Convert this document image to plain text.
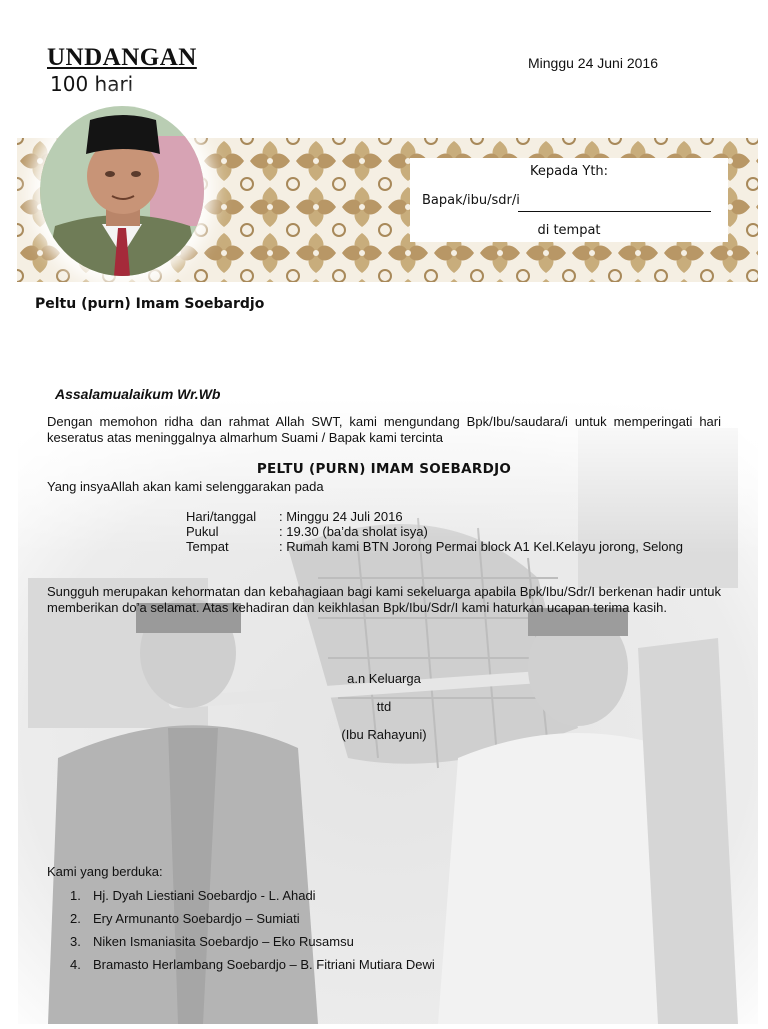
UNDANGAN
100 hari
Minggu 24 Juni 2016
Kepada Yth:
Bapak/ibu/sdr/i
di tempat
Peltu (purn) Imam Soebardjo
Assalamualaikum Wr.Wb
Dengan memohon ridha dan rahmat Allah SWT, kami mengundang Bpk/Ibu/saudara/i untuk memperingati hari keseratus atas meninggalnya almarhum Suami / Bapak kami tercinta
PELTU (PURN) IMAM SOEBARDJO
Yang insyaAllah akan kami selenggarakan pada
Hari/tanggal : Minggu 24 Juli 2016
Pukul	: 19.30 (ba’da sholat isya)
Tempat	: Rumah kami BTN Jorong Permai block A1 Kel.Kelayu jorong, Selong
Sungguh merupakan kehormatan dan kebahagiaan bagi kami sekeluarga apabila Bpk/Ibu/Sdr/I berkenan hadir untuk memberikan do’a selamat. Atas kehadiran dan keikhlasan Bpk/Ibu/Sdr/I kami haturkan ucapan terima kasih.
a.n Keluarga
ttd
(Ibu Rahayuni)
Kami yang berduka:
1. Hj. Dyah Liestiani Soebardjo - L. Ahadi
2. Ery Armunanto Soebardjo – Sumiati
3. Niken Ismaniasita Soebardjo – Eko Rusamsu
4. Bramasto Herlambang Soebardjo – B. Fitriani Mutiara Dewi
